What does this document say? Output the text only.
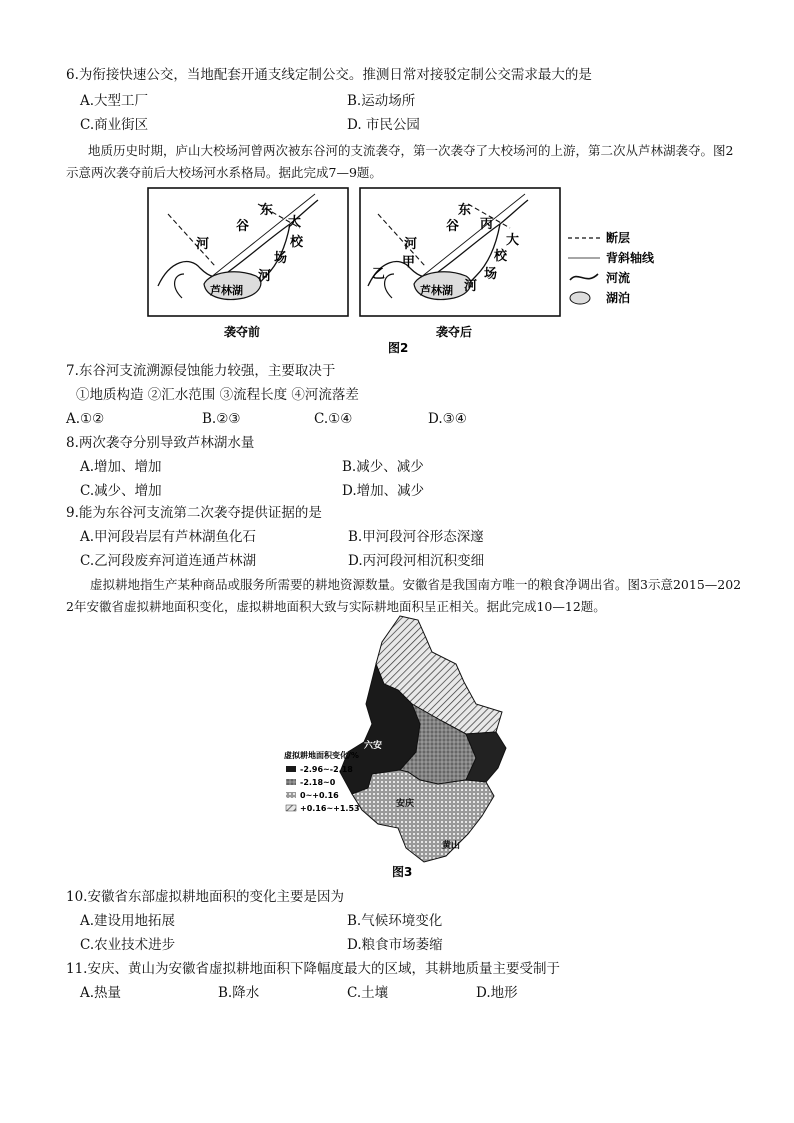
6.为衔接快速公交，当地配套开通支线定制公交。推测日常对接驳定制公交需求最大的是
A.大型工厂	B.运动场所
C.商业街区	D. 市民公园
地质历史时期，庐山大校场河曾两次被东谷河的支流袭夺，第一次袭夺了大校场河的上游，第二次从芦林湖袭夺。图2
示意两次袭夺前后大校场河水系格局。据此完成7—9题。
东
大
谷
校
河
场
河
芦林湖
东
丙
大
谷
校
河
甲
乙	场
河
芦林湖
断层
背斜轴线
河流
湖泊
袭夺前	袭夺后
图2
7.东谷河支流溯源侵蚀能力较强，主要取决于
①地质构造 ②汇水范围 ③流程长度 ④河流落差
A.①②	B.②③	C.①④	D.③④
8.两次袭夺分别导致芦林湖水量
A.增加、增加	B.减少、减少
C.减少、增加	D.增加、减少
9.能为东谷河支流第二次袭夺提供证据的是
A.甲河段岩层有芦林湖鱼化石	B.甲河段河谷形态深邃
C.乙河段废弃河道连通芦林湖	D.丙河段河相沉积变细
虚拟耕地指生产某种商品或服务所需要的耕地资源数量。安徽省是我国南方唯一的粮食净调出省。图3示意2015—202
2年安徽省虚拟耕地面积变化，虚拟耕地面积大致与实际耕地面积呈正相关。据此完成10—12题。
六安
黄山
安庆
虚拟耕地面积变化/%
-2.96~-2.18
-2.18~0
0~+0.16
+0.16~+1.53
图3
10.安徽省东部虚拟耕地面积的变化主要是因为
A.建设用地拓展	B.气候环境变化
C.农业技术进步	D.粮食市场萎缩
11.安庆、黄山为安徽省虚拟耕地面积下降幅度最大的区域，其耕地质量主要受制于
A.热量	B.降水	C.土壤	D.地形
